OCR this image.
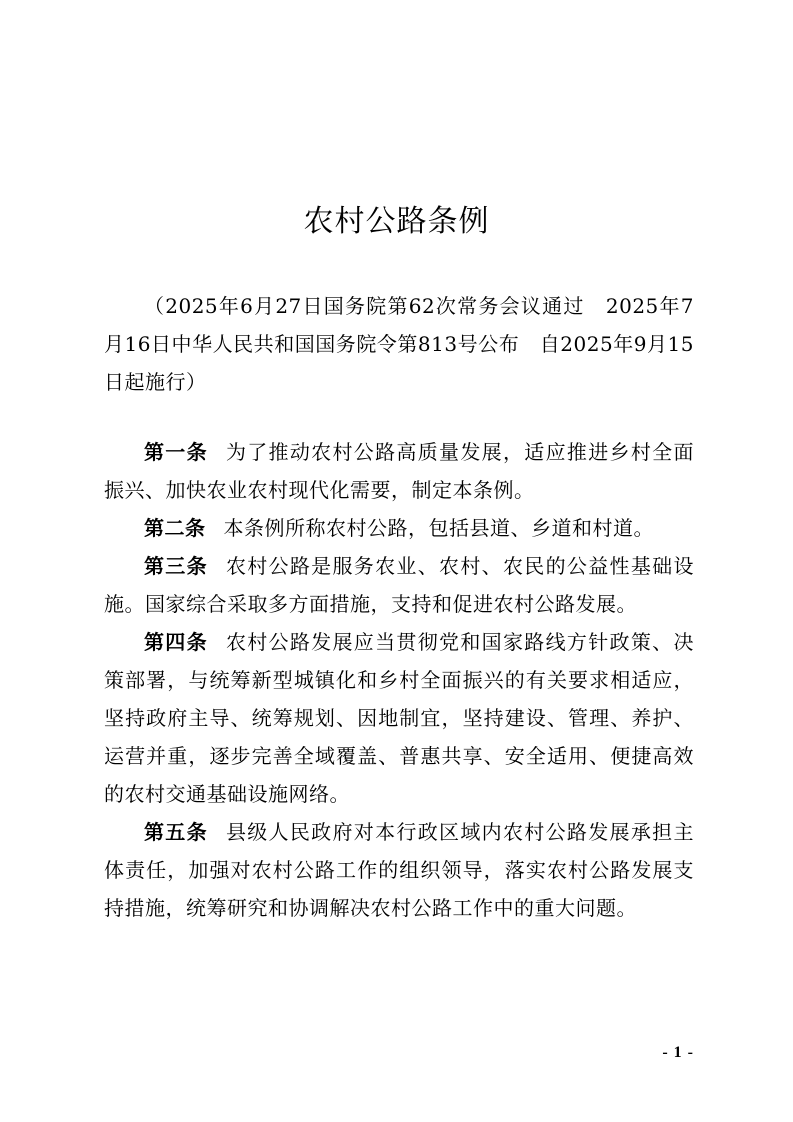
农村公路条例

（2025年6月27日国务院第62次常务会议通过　2025年7月16日中华人民共和国国务院令第813号公布　自2025年9月15日起施行）

第一条 为了推动农村公路高质量发展，适应推进乡村全面振兴、加快农业农村现代化需要，制定本条例。

第二条 本条例所称农村公路，包括县道、乡道和村道。

第三条 农村公路是服务农业、农村、农民的公益性基础设施。国家综合采取多方面措施，支持和促进农村公路发展。

第四条 农村公路发展应当贯彻党和国家路线方针政策、决策部署，与统筹新型城镇化和乡村全面振兴的有关要求相适应，坚持政府主导、统筹规划、因地制宜，坚持建设、管理、养护、运营并重，逐步完善全域覆盖、普惠共享、安全适用、便捷高效的农村交通基础设施网络。

第五条 县级人民政府对本行政区域内农村公路发展承担主体责任，加强对农村公路工作的组织领导，落实农村公路发展支持措施，统筹研究和协调解决农村公路工作中的重大问题。

- 1 -
